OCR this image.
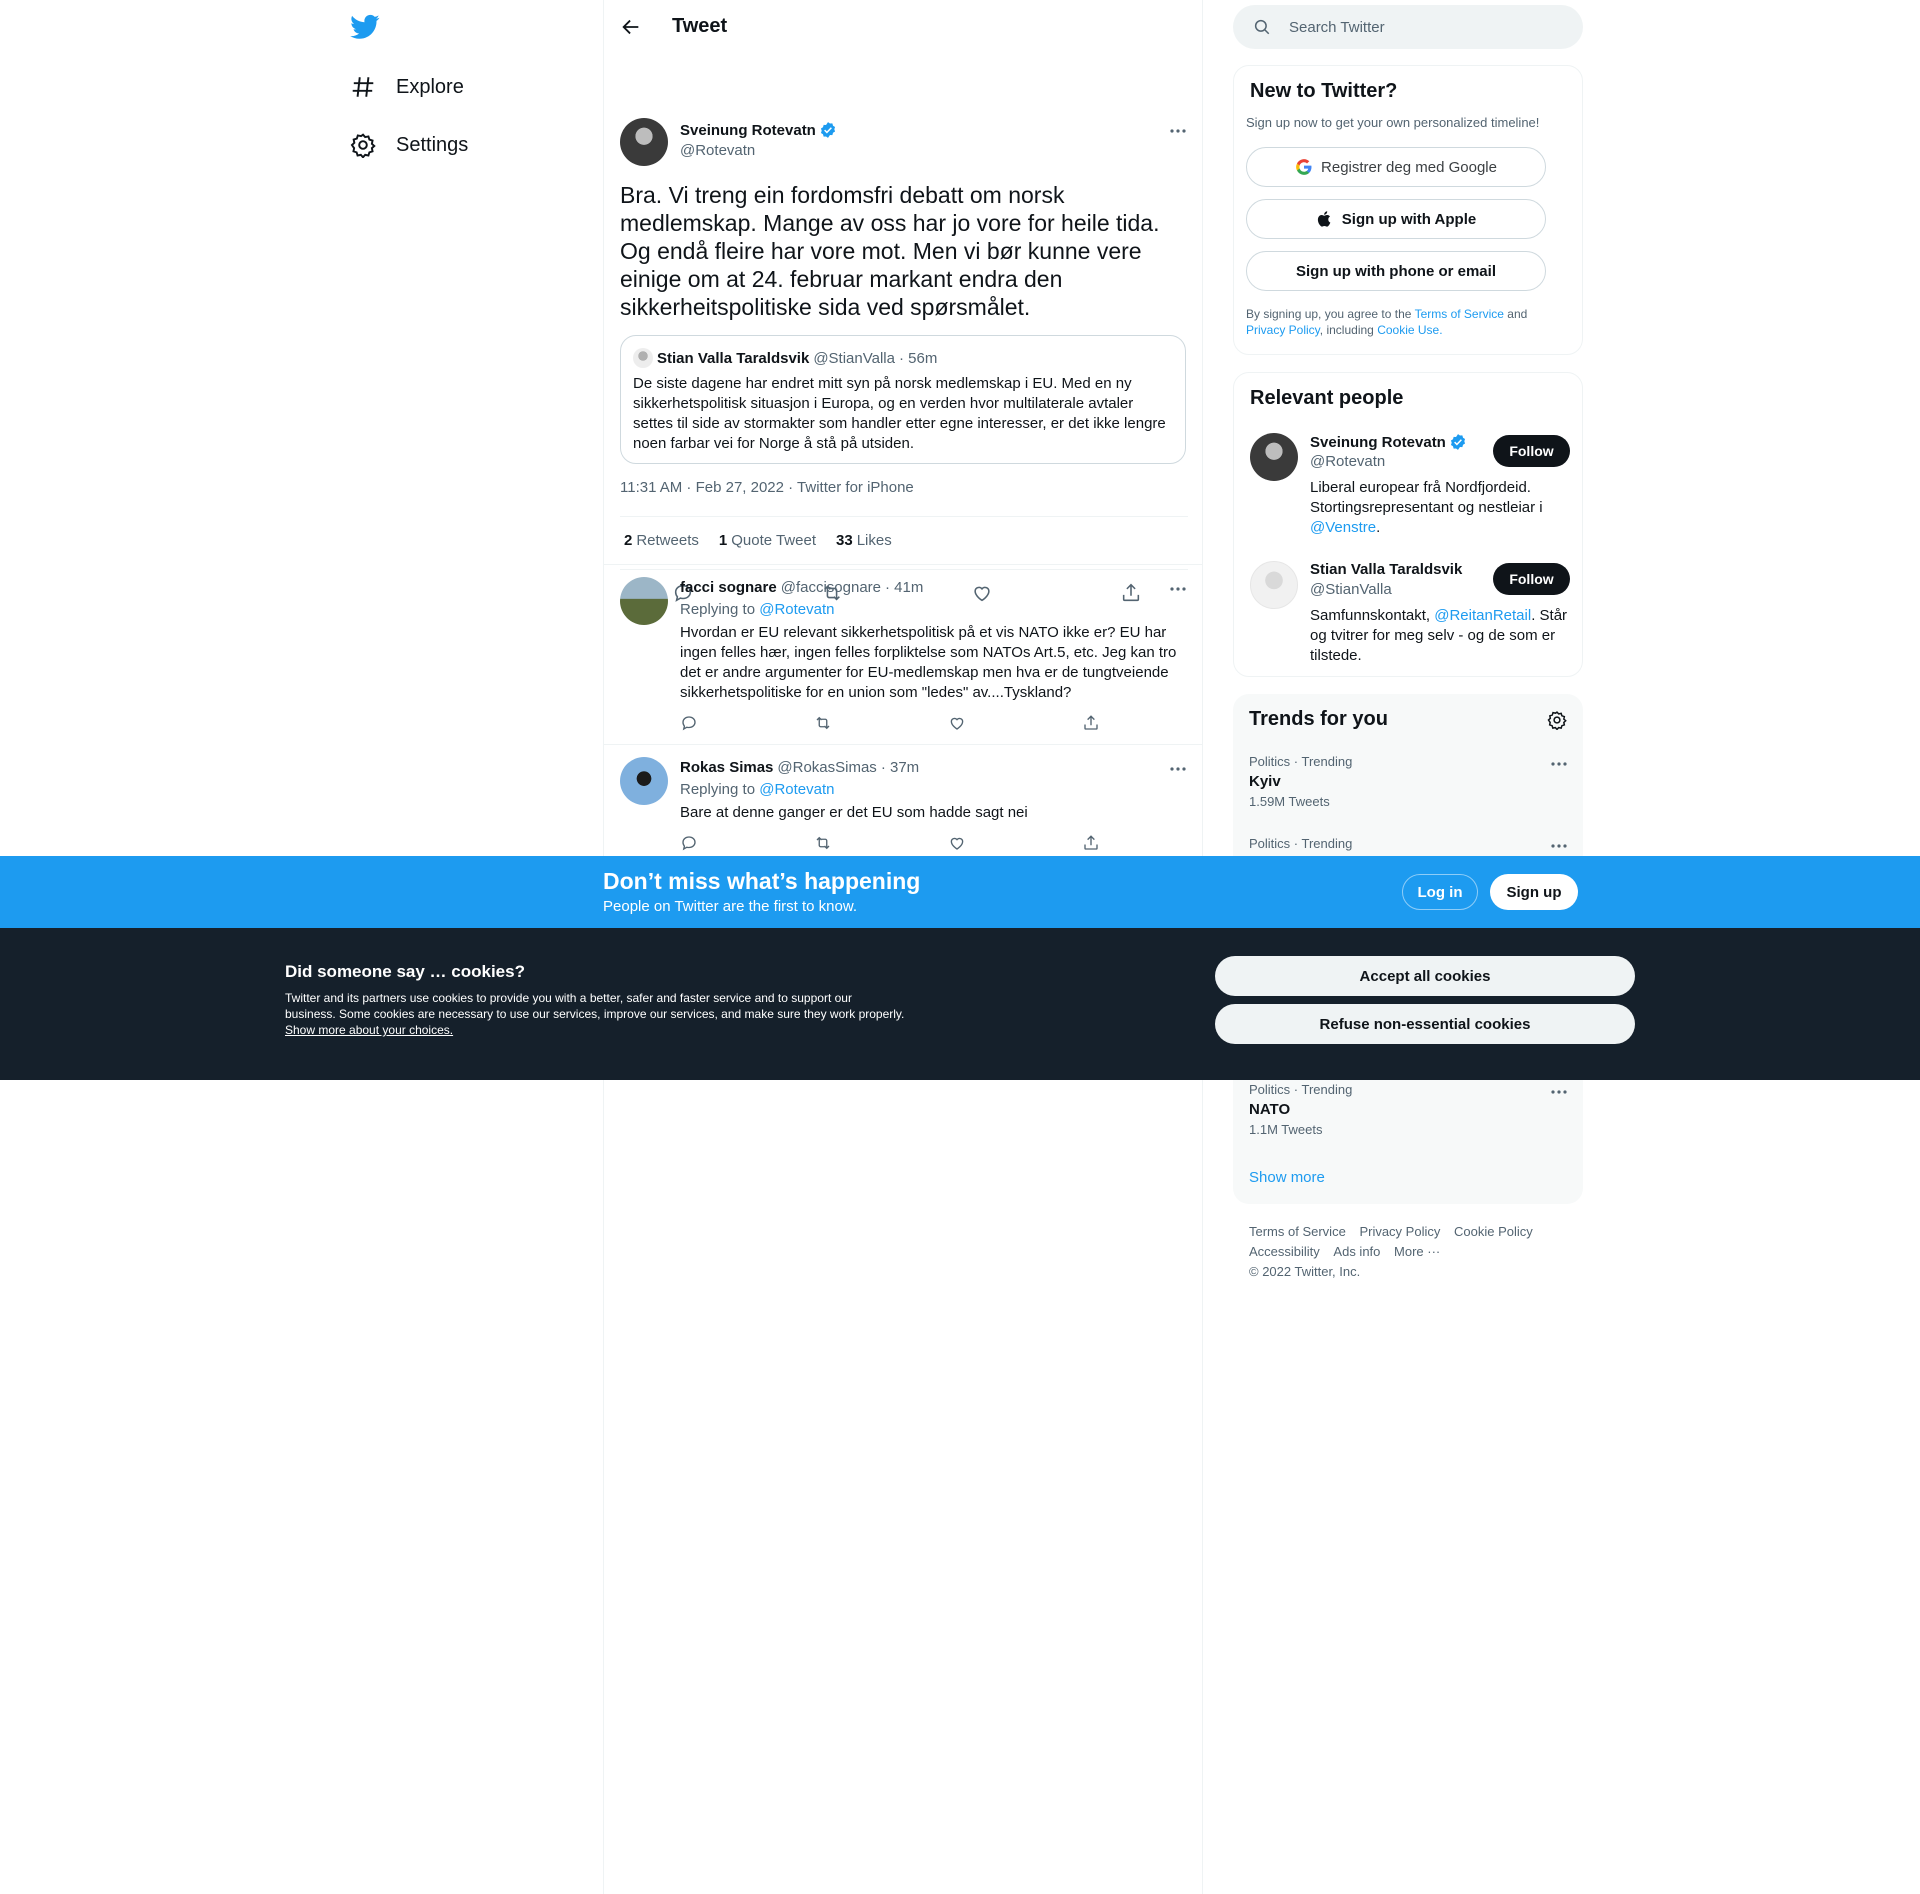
Explore
Settings
Tweet
Sveinung Rotevatn
@Rotevatn
Bra. Vi treng ein fordomsfri debatt om norsk medlemskap. Mange av oss har jo vore for heile tida. Og endå fleire har vore mot. Men vi bør kunne vere einige om at 24. februar markant endra den sikkerheitspolitiske sida ved spørsmålet.
Stian Valla Taraldsvik @StianValla · 56m
De siste dagene har endret mitt syn på norsk medlemskap i EU. Med en ny sikkerhetspolitisk situasjon i Europa, og en verden hvor multilaterale avtaler settes til side av stormakter som handler etter egne interesser, er det ikke lengre noen farbar vei for Norge å stå på utsiden.
11:31 AM · Feb 27, 2022 · Twitter for iPhone
2 Retweets 1 Quote Tweet 33 Likes
facci sognare @faccisognare · 41m
Replying to @Rotevatn
Hvordan er EU relevant sikkerhetspolitisk på et vis NATO ikke er? EU har ingen felles hær, ingen felles forpliktelse som NATOs Art.5, etc. Jeg kan tro det er andre argumenter for EU-medlemskap men hva er de tungtveiende sikkerhetspolitiske for en union som "ledes" av....Tyskland?
Rokas Simas @RokasSimas · 37m
Replying to @Rotevatn
Bare at denne ganger er det EU som hadde sagt nei
Search Twitter
New to Twitter?
Sign up now to get your own personalized timeline!
Registrer deg med Google
Sign up with Apple
Sign up with phone or email
By signing up, you agree to the Terms of Service and
Privacy Policy, including Cookie Use.
Relevant people
Sveinung Rotevatn
@Rotevatn
Liberal europear frå Nordfjordeid. Stortingsrepresentant og nestleiar i @Venstre.
Follow
Stian Valla Taraldsvik
@StianValla
Samfunnskontakt, @ReitanRetail. Står og tvitrer for meg selv - og de som er tilstede.
Follow
Trends for you
Politics · Trending
Kyiv
1.59M Tweets
Politics · Trending
Politics · Trending
NATO
1.1M Tweets
Show more
Terms of Service Privacy Policy Cookie Policy
Accessibility Ads info More ···
© 2022 Twitter, Inc.
Don’t miss what’s happening
People on Twitter are the first to know.
Log in	Sign up
Did someone say … cookies?
Twitter and its partners use cookies to provide you with a better, safer and faster service and to support our business. Some cookies are necessary to use our services, improve our services, and make sure they work properly. Show more about your choices.
Accept all cookies
Refuse non-essential cookies
